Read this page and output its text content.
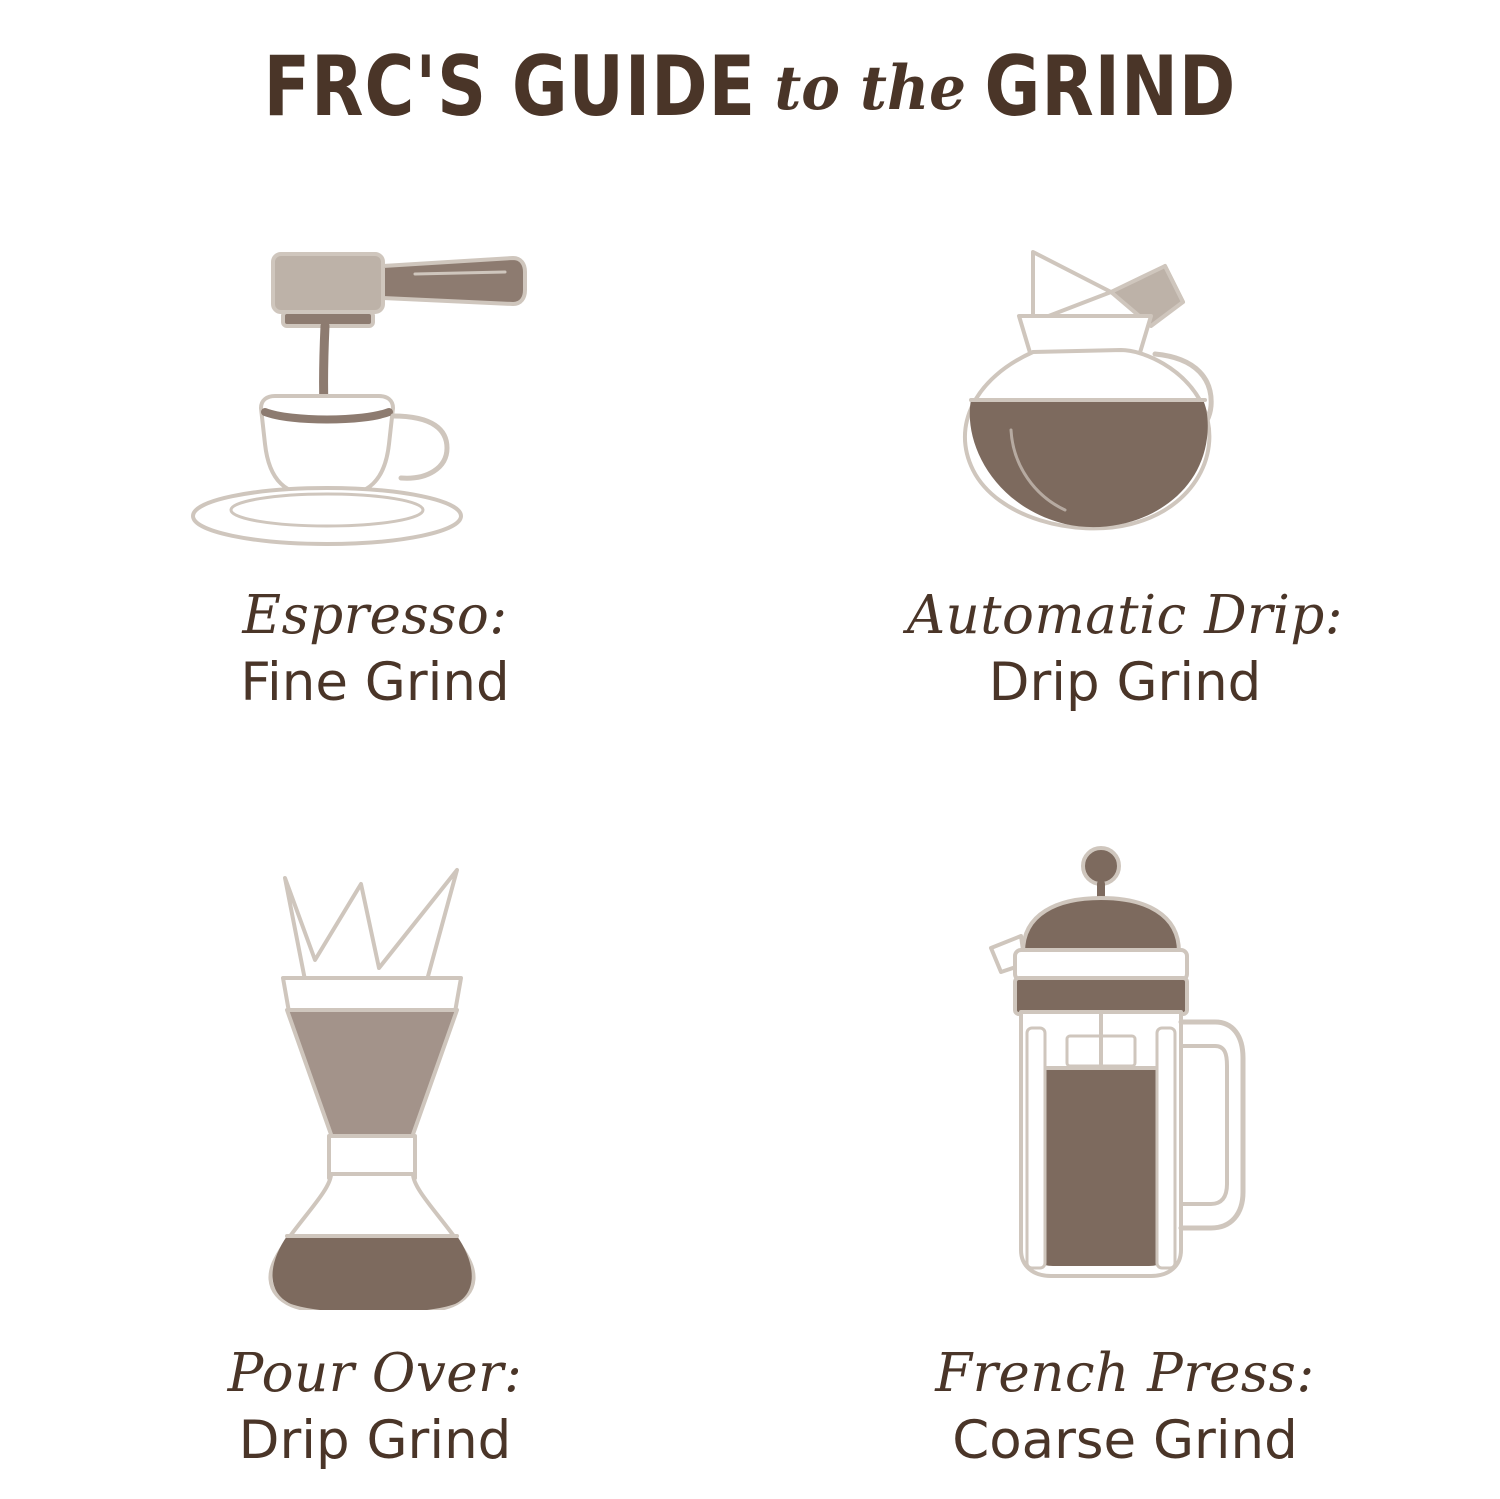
FRC'S GUIDE to the GRIND
Espresso:
Fine Grind
Automatic Drip:
Drip Grind
Pour Over:
Drip Grind
French Press:
Coarse Grind
